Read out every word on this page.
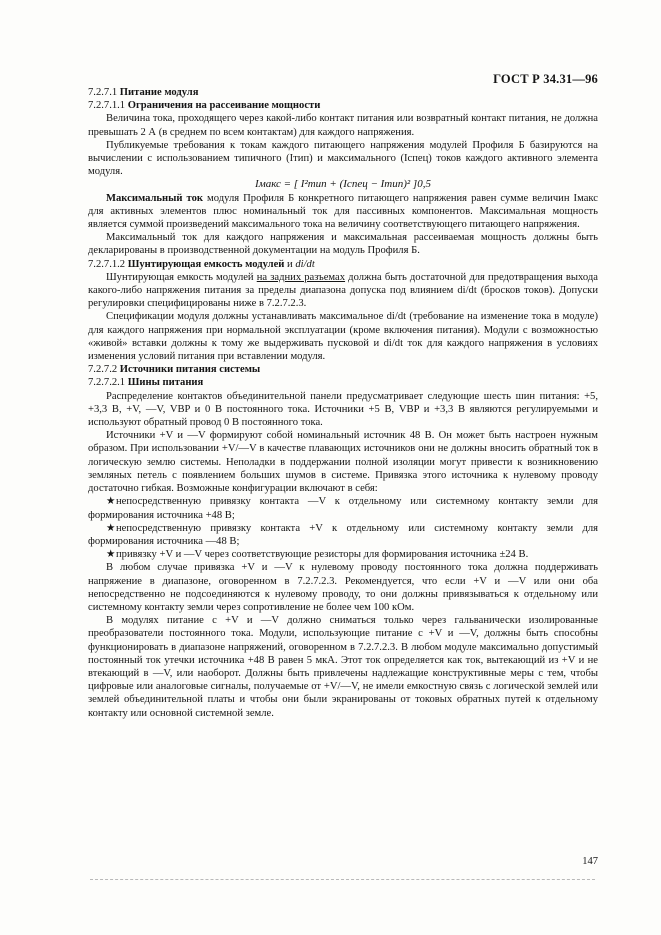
ГОСТ Р 34.31—96

7.2.7.1 Питание модуля

7.2.7.1.1 Ограничения на рассеивание мощности

Величина тока, проходящего через какой-либо контакт питания или возвратный контакт питания, не должна превышать 2 А (в среднем по всем контактам) для каждого напряжения.

Публикуемые требования к токам каждого питающего напряжения модулей Профиля Б базируются на вычислении с использованием типичного (Iтип) и максимального (Iспец) токов каждого активного элемента модуля.

Iмакс = [ I²тип + (Iспец − Iтип)² ]0,5

Максимальный ток модуля Профиля Б конкретного питающего напряжения равен сумме величин Iмакс для активных элементов плюс номинальный ток для пассивных компонентов. Максимальная мощность является суммой произведений максимального тока на величину соответствующего питающего напряжения.

Максимальный ток для каждого напряжения и максимальная рассеиваемая мощность должны быть декларированы в производственной документации на модуль Профиля Б.

7.2.7.1.2 Шунтирующая емкость модулей и di/dt

Шунтирующая емкость модулей на задних разъемах должна быть достаточной для предотвращения выхода какого-либо напряжения питания за пределы диапазона допуска под влиянием di/dt (бросков токов). Допуски регулировки специфицированы ниже в 7.2.7.2.3.

Спецификации модуля должны устанавливать максимальное di/dt (требование на изменение тока в модуле) для каждого напряжения при нормальной эксплуатации (кроме включения питания). Модули с возможностью «живой» вставки должны к тому же выдерживать пусковой и di/dt ток для каждого напряжения в условиях изменения условий питания при вставлении модуля.

7.2.7.2 Источники питания системы

7.2.7.2.1 Шины питания

Распределение контактов объединительной панели предусматривает следующие шесть шин питания: +5, +3,3 В, +V, —V, VBP и 0 В постоянного тока. Источники +5 В, VBP и +3,3 В являются регулируемыми и используют обратный провод 0 В постоянного тока.

Источники +V и —V формируют собой номинальный источник 48 В. Он может быть настроен нужным образом. При использовании +V/—V в качестве плавающих источников они не должны вносить обратный ток в логическую землю системы. Неполадки в поддержании полной изоляции могут привести к возникновению земляных петель с появлением больших шумов в системе. Привязка этого источника к нулевому проводу достаточно гибкая. Возможные конфигурации включают в себя:

★непосредственную привязку контакта —V к отдельному или системному контакту земли для формирования источника +48 В;

★непосредственную привязку контакта +V к отдельному или системному контакту земли для формирования источника —48 В;

★привязку +V и —V через соответствующие резисторы для формирования источника ±24 В.

В любом случае привязка +V и —V к нулевому проводу постоянного тока должна поддерживать напряжение в диапазоне, оговоренном в 7.2.7.2.3. Рекомендуется, что если +V и —V или они оба непосредственно не подсоединяются к нулевому проводу, то они должны привязываться к отдельному или системному контакту земли через сопротивление не более чем 100 кОм.

В модулях питание с +V и —V должно сниматься только через гальванически изолированные преобразователи постоянного тока. Модули, использующие питание с +V и —V, должны быть способны функционировать в диапазоне напряжений, оговоренном в 7.2.7.2.3. В любом модуле максимально допустимый постоянный ток утечки источника +48 В равен 5 мкА. Этот ток определяется как ток, вытекающий из +V и не втекающий в —V, или наоборот. Должны быть привлечены надлежащие конструктивные меры с тем, чтобы цифровые или аналоговые сигналы, получаемые от +V/—V, не имели емкостную связь с логической землей или землей объединительной платы и чтобы они были экранированы от токовых обратных путей к отдельному контакту или основной системной земле.

147
